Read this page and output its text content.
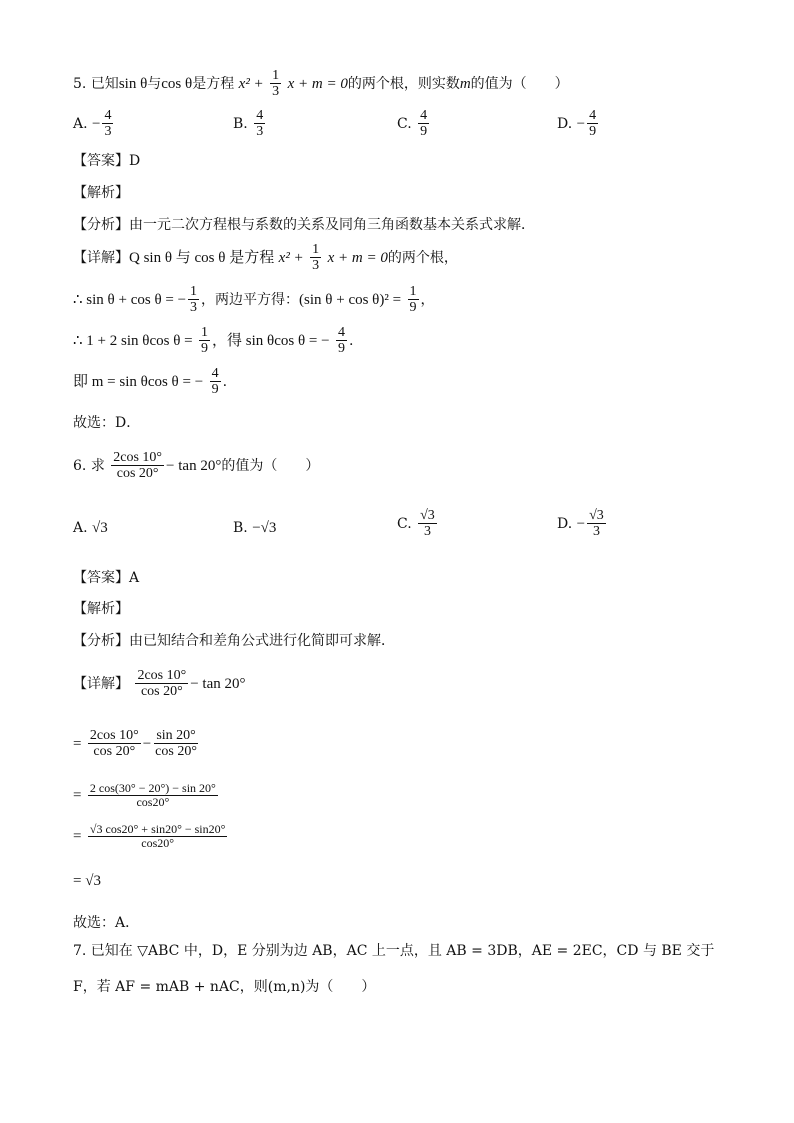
5. 已知sin θ与cos θ是方程 $x^2 + \frac{1}{3}$ x + m = 0的两个根，则实数m的值为（　　）
A. − $\frac{4}{3}$	B. $\frac{4}{3}$	C. $\frac{4}{9}$	D. − $\frac{4}{9}$
【答案】D
【解析】
【分析】由一元二次方程根与系数的关系及同角三角函数基本关系式求解．
【详解】Q sin θ 与 cos θ 是方程 $x^2 + \frac{1}{3}$ x + m = 0的两个根，
∴ sin θ + cos θ = − $\frac{1}{3}$ ，两边平方得：(sin $\theta + \cos \theta)^2 = \frac{1}{9}$ ，
∴ 1 + 2 sin θcos $\theta = \frac{1}{9}$ ，得 sin θcos θ = − $\frac{4}{9}$ .
即 m = sin θcos θ = − $\frac{4}{9}$ .
故选：D．
6. 求 $\frac{2\cos 10^\circ}{\cos 20^\circ} - \tan 20^\circ$的值为（　　）
A. √3	B. −√3	C. $\frac{√3}{3}$	D. − $\frac{√3}{3}$
【答案】A
【解析】
【分析】由已知结合和差角公式进行化简即可求解．
【详解】 $\frac{2\cos 10^\circ}{\cos 20^\circ} - \tan 20^\circ$
= $\frac{2\cos 10^\circ}{\cos 20^\circ} - \frac{\sin 20^\circ}{\cos 20^\circ}$
= $\frac{2 \cos(30^\circ - 20^\circ) - \sin 20^\circ}{\cos 20^\circ}$
= $\frac{√3 \cos 20^\circ + \sin 20^\circ - \sin 20^\circ}{\cos 20^\circ}$
= √3
故选：A．
7. 已知在 ▽ABC 中，D，E 分别为边 AB，AC 上一点，且 AB = 3DB，AE = 2EC，CD 与 BE 交于
F，若 AF = mAB + nAC，则(m,n)为（　　）
